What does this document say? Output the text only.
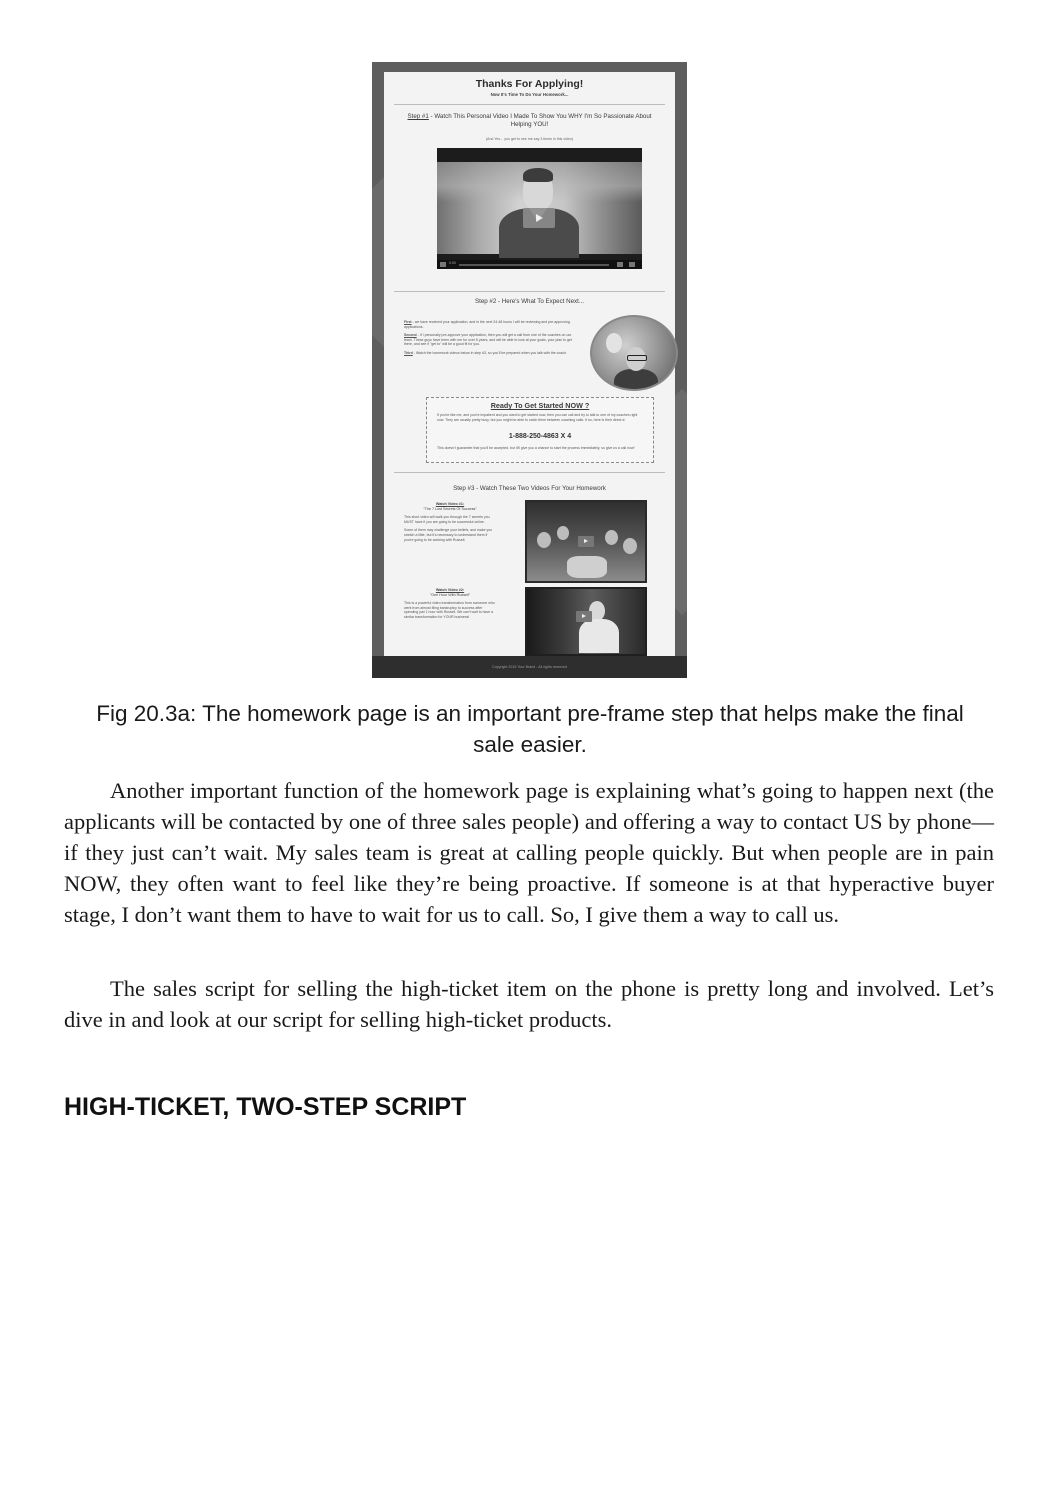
Thanks For Applying!
Now It's Time To Do Your Homework...
Step #1 - Watch This Personal Video I Made To Show You WHY I'm So Passionate About Helping YOU!
(And Yes... you get to see me say 3 times in this video)
0:00
Step #2 - Here's What To Expect Next...

First - we have received your application, and in the next 24-48 hours I will be reviewing and pre-approving applications.

Second - If I personally pre-approve your application, then you will get a call from one of the coaches on our team. These guys have been with me for over 5 years, and will be able to look at your goals, your plan to get there, and see if "get to" will be a good fit for you.

Third - Watch the homework videos below in step #3, so you'll be prepared when you talk with the coach.

Ready To Get Started NOW ?
If you're like me, and you're impatient and you want to get started now, then you can call and try to talk to one of my coaches right now. They are usually pretty busy, but you might be able to catch them between coaching calls. If so, here is their direct #:
1-888-250-4863 X 4
This doesn't guarantee that you'll be accepted, but it'll give you a chance to start the process immediately, so give us a call now!
Step #3 - Watch These Two Videos For Your Homework
Watch Video #1:
"The 7 Lost Secrets Of Success"

This short video will walk you through the 7 secrets you MUST have if you are going to be successful online.

Some of them may challenge your beliefs, and make you stretch a little, but it's necessary to understand them if you're going to be working with Russell.

Watch Video #2:
"One Hour With Russell"

This is a powerful video transformation from someone who went from almost filing bankruptcy to success after spending just 1 hour with Russell. We can't wait to have a similar transformation for YOUR business!

Copyright 2015 Your Brand - All rights reserved
Fig 20.3a: The homework page is an important pre-frame step that helps make the final sale easier.

Another important function of the homework page is explaining what’s going to happen next (the applicants will be contacted by one of three sales people) and offering a way to contact US by phone—if they just can’t wait. My sales team is great at calling people quickly. But when people are in pain NOW, they often want to feel like they’re being proactive. If someone is at that hyperactive buyer stage, I don’t want them to have to wait for us to call. So, I give them a way to call us.

The sales script for selling the high-ticket item on the phone is pretty long and involved. Let’s dive in and look at our script for selling high-ticket products.

HIGH-TICKET, TWO-STEP SCRIPT
